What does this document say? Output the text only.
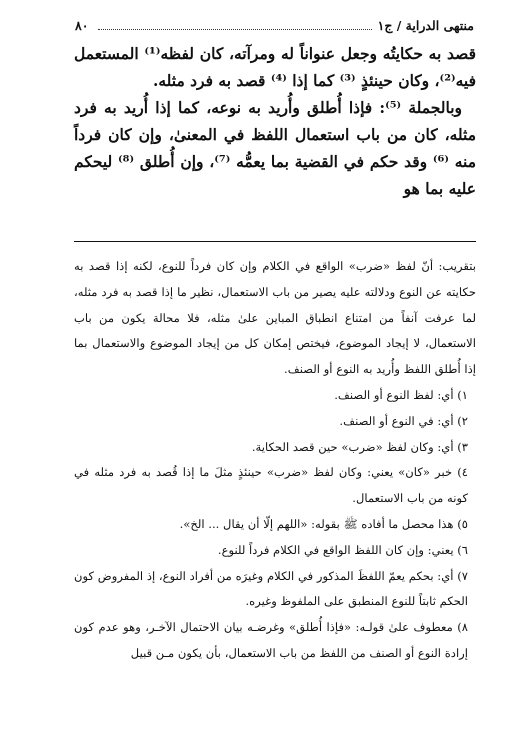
٨٠	منتهى الدراية / ج١

قصد به حكايتُه وجعل عنواناً له ومرآته، كان لفظه⁽¹⁾ المستعمل فيه⁽²⁾، وكان حينئذٍ ⁽³⁾ كما إذا ⁽⁴⁾ قصد به فرد مثله.

وبالجملة ⁽⁵⁾: فإذا أُطلق وأُريد به نوعه، كما إذا أُريد به فرد مثله، كان من باب استعمال اللفظ في المعنىٰ، وإن كان فرداً منه ⁽⁶⁾ وقد حكم في القضية بما يعمُّه ⁽⁷⁾، وإن أُطلق ⁽⁸⁾ ليحكم عليه بما هو

بتقريب: أنّ لفظ «ضرب» الواقع في الكلام وإن كان فرداً للنوع، لكنه إذا قصد به حكايته عن النوع ودلالته عليه يصير من باب الاستعمال، نظير ما إذا قصد به فرد مثله، لما عرفت آنفاً من امتناع انطباق المباين علىٰ مثله، فلا محالة يكون من باب الاستعمال، لا إيجاد الموضوع، فيختص إمكان كل من إيجاد الموضوع والاستعمال بما إذا أُطلق اللفظ وأُريد به النوع أو الصنف.

١) أي: لفظ النوع أو الصنف.

٢) أي: في النوع أو الصنف.

٣) أي: وكان لفظ «ضرب» حين قصد الحكاية.

٤) خبر «كان» يعني: وكان لفظ «ضرب» حينئذٍ مثلَ ما إذا قُصد به فرد مثله في كونه من باب الاستعمال.

٥) هذا محصل ما أفاده ﷺ بقوله: «اللهم إلّا أن يقال ... الخ».

٦) يعني: وإن كان اللفظ الواقع في الكلام فرداً للنوع.

٧) أي: بحكم يعمّ اللفظَ المذكور في الكلام وغيرَه من أفراد النوع، إذ المفروض كون الحكم ثابتاً للنوع المنطبق على الملفوظ وغيره.

٨) معطوف علىٰ قولـه: «فإذا أُطلق» وغرضـه بيان الاحتمال الآخـر، وهو عدم كون إرادة النوع أو الصنف من اللفظ من باب الاستعمال، بأن يكون مـن قبيل
